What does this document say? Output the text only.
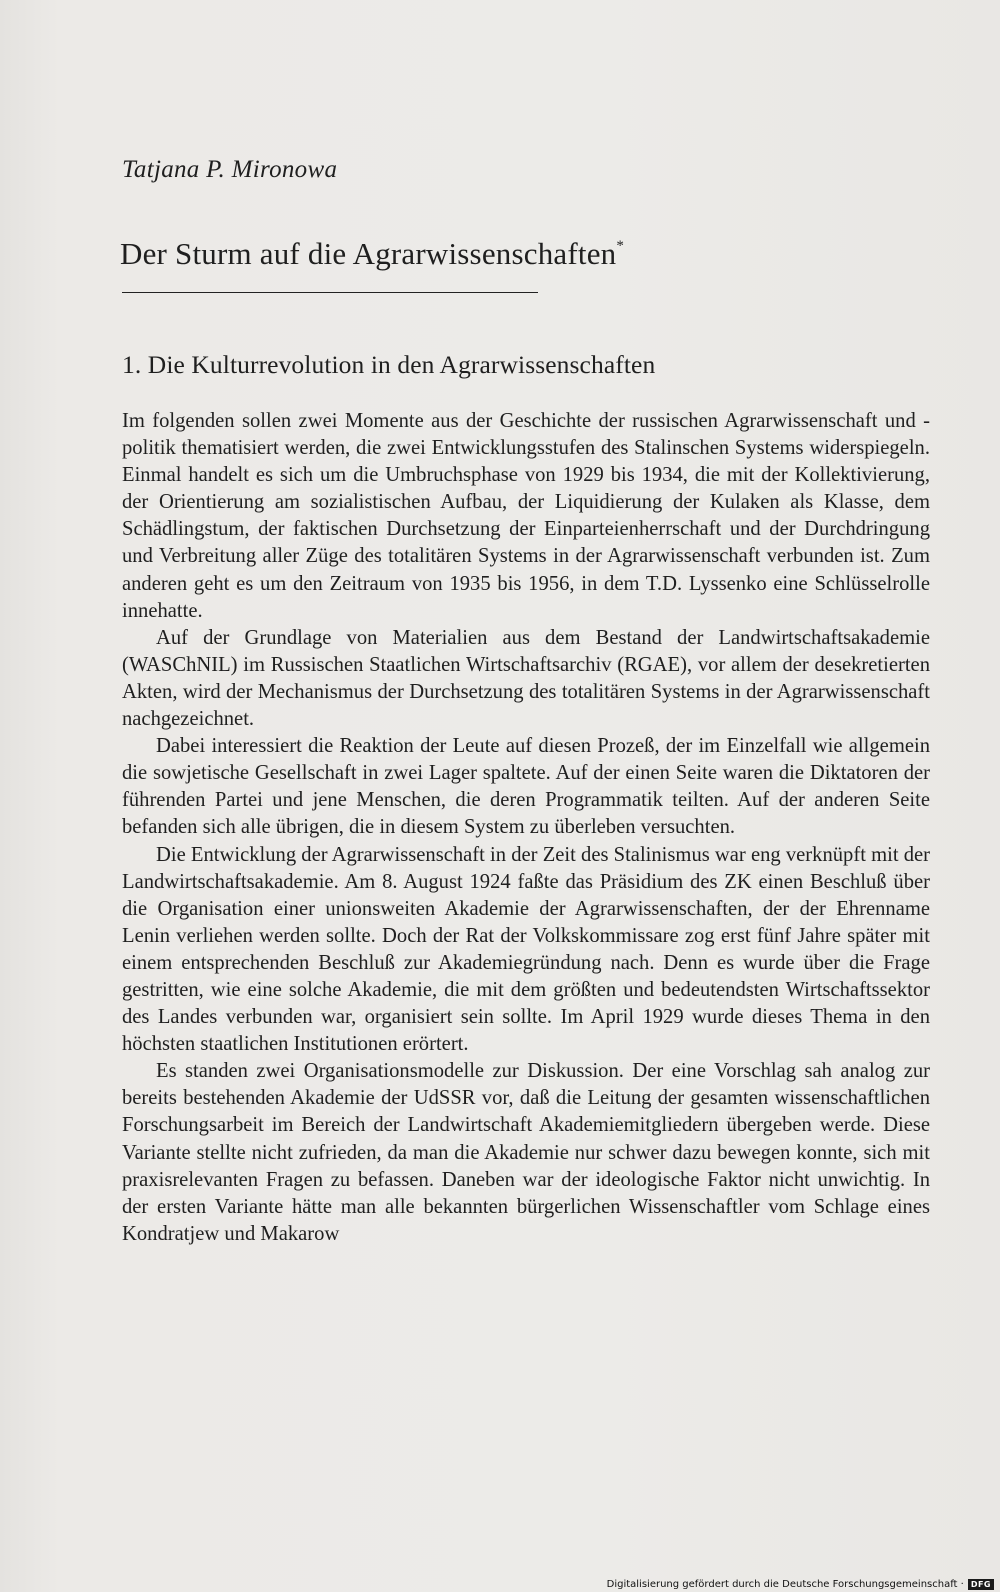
Tatjana P. Mironowa
Der Sturm auf die Agrarwissenschaften*
1. Die Kulturrevolution in den Agrarwissenschaften

Im folgenden sollen zwei Momente aus der Geschichte der russischen Agrarwissenschaft und -politik thematisiert werden, die zwei Entwicklungsstufen des Stalinschen Systems widerspiegeln. Einmal handelt es sich um die Umbruchsphase von 1929 bis 1934, die mit der Kollektivierung, der Orientierung am sozialistischen Aufbau, der Liquidierung der Kulaken als Klasse, dem Schädlingstum, der faktischen Durchsetzung der Einparteienherrschaft und der Durchdringung und Verbreitung aller Züge des totalitären Systems in der Agrarwissenschaft verbunden ist. Zum anderen geht es um den Zeitraum von 1935 bis 1956, in dem T.D. Lyssenko eine Schlüsselrolle innehatte.

Auf der Grundlage von Materialien aus dem Bestand der Landwirtschaftsakademie (WASChNIL) im Russischen Staatlichen Wirtschaftsarchiv (RGAE), vor allem der desekretierten Akten, wird der Mechanismus der Durchsetzung des totalitären Systems in der Agrarwissenschaft nachgezeichnet.

Dabei interessiert die Reaktion der Leute auf diesen Prozeß, der im Einzelfall wie allgemein die sowjetische Gesellschaft in zwei Lager spaltete. Auf der einen Seite waren die Diktatoren der führenden Partei und jene Menschen, die deren Programmatik teilten. Auf der anderen Seite befanden sich alle übrigen, die in diesem System zu überleben versuchten.

Die Entwicklung der Agrarwissenschaft in der Zeit des Stalinismus war eng verknüpft mit der Landwirtschaftsakademie. Am 8. August 1924 faßte das Präsidium des ZK einen Beschluß über die Organisation einer unionsweiten Akademie der Agrarwissenschaften, der der Ehrenname Lenin verliehen werden sollte. Doch der Rat der Volkskommissare zog erst fünf Jahre später mit einem entsprechenden Beschluß zur Akademiegründung nach. Denn es wurde über die Frage gestritten, wie eine solche Akademie, die mit dem größten und bedeutendsten Wirtschaftssektor des Landes verbunden war, organisiert sein sollte. Im April 1929 wurde dieses Thema in den höchsten staatlichen Institutionen erörtert.

Es standen zwei Organisationsmodelle zur Diskussion. Der eine Vorschlag sah analog zur bereits bestehenden Akademie der UdSSR vor, daß die Leitung der gesamten wissenschaftlichen Forschungsarbeit im Bereich der Landwirtschaft Akademiemitgliedern übergeben werde. Diese Variante stellte nicht zufrieden, da man die Akademie nur schwer dazu bewegen konnte, sich mit praxisrelevanten Fragen zu befassen. Daneben war der ideologische Faktor nicht unwichtig. In der ersten Variante hätte man alle bekannten bürgerlichen Wissenschaftler vom Schlage eines Kondratjew und Makarow

Digitalisierung gefördert durch die Deutsche Forschungsgemeinschaft · DFG
